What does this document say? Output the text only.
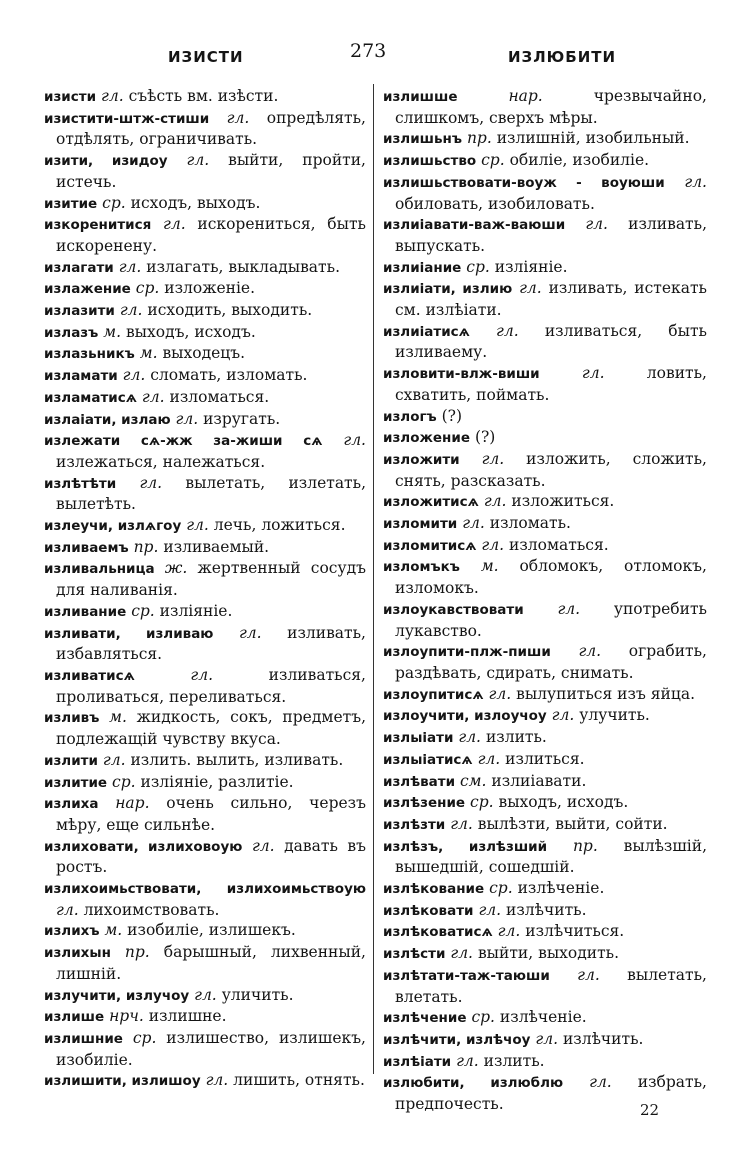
ИЗИСТИ	273	ИЗЛЮБИТИ

изисти гл. съѣсть вм. изѣсти.

изистити-штж-стиши гл. опредѣлять, отдѣлять, ограничивать.

изити, изидоу гл. выйти, пройти, истечь.

изитие ср. исходъ, выходъ.

изкоренитися гл. искорениться, быть искоренену.

излагати гл. излагать, выкладывать.

излажение ср. изложеніе.

излазити гл. исходить, выходить.

излазъ м. выходъ, исходъ.

излазьникъ м. выходецъ.

изламати гл. сломать, изломать.

изламатисѧ гл. изломаться.

излаiати, излаю гл. изругать.

излежати сѧ-жж за-жиши сѧ гл. излежаться, належаться.

излѣтѣти гл. вылетать, излетать, вылетѣть.

излеучи, излѧгоу гл. лечь, ложиться.

изливаемъ пр. изливаемый.

изливальница ж. жертвенный сосудъ для наливанія.

изливание ср. изліяніе.

изливати, изливаю гл. изливать, избавляться.

изливатисѧ	гл.	изливаться, проливаться, переливаться.

изливъ м. жидкость, сокъ, предметъ, подлежащій чувству вкуса.

излити гл. излить. вылить, изливать.

излитие ср. изліяніе, разлитіе.

излиха нар. очень сильно, черезъ мѣру, еще сильнѣе.

излиховати, излиховоую гл. давать въ ростъ.

излихоимьствовати, излихоимьствоую гл. лихоимствовать.

излихъ м. изобиліе, излишекъ.

излихын пр. барышный, лихвенный, лишній.

излучити, излучоу гл. уличить.

излише нрч. излишне.

излишние ср. излишество, излишекъ, изобиліе.

излишити, излишоу гл. лишить, отнять.

излишше	нар.	чрезвычайно, слишкомъ, сверхъ мѣры.

излишьнъ пр. излишній, изобильный.

излишьство ср. обиліе, изобиліе.

излишьствовати-воуж - воуюши гл. обиловать, изобиловать.

излиiавати-важ-ваюши гл. изливать, выпускать.

излиiание ср. изліяніе.

излиiати, излию гл. изливать, истекать см. излѣiати.

излиiатисѧ гл. изливаться, быть изливаему.

изловити-влж-виши	гл.	ловить, схватить, поймать.

излогъ (?)

изложение (?)

изложити гл. изложить, сложить, снять, разсказать.

изложитисѧ гл. изложиться.

изломити гл. изломать.

изломитисѧ гл. изломаться.

изломъкъ м. обломокъ, отломокъ, изломокъ.

излоукавствовати гл. употребить лукавство.

излоупити-плж-пиши гл. ограбить, раздѣвать, сдирать, снимать.

излоупитисѧ гл. вылупиться изъ яйца.

излоучити, излоучоу гл. улучить.

излыiати гл. излить.

излыiатисѧ гл. излиться.

излѣвати см. излиiавати.

излѣзение ср. выходъ, исходъ.

излѣзти гл. вылѣзти, выйти, сойти.

излѣзъ, излѣзший пр. вылѣзшій, вышедшій, сошедшій.

излѣкование ср. излѣченіе.

излѣковати гл. излѣчить.

излѣковатисѧ гл. излѣчиться.

излѣсти гл. выйти, выходить.

излѣтати-таж-таюши гл. вылетать, влетать.

излѣчение ср. излѣченіе.

излѣчити, излѣчоу гл. излѣчить.

излѣiати гл. излить.

излюбити, излюблю гл. избрать, предпочесть.	22
